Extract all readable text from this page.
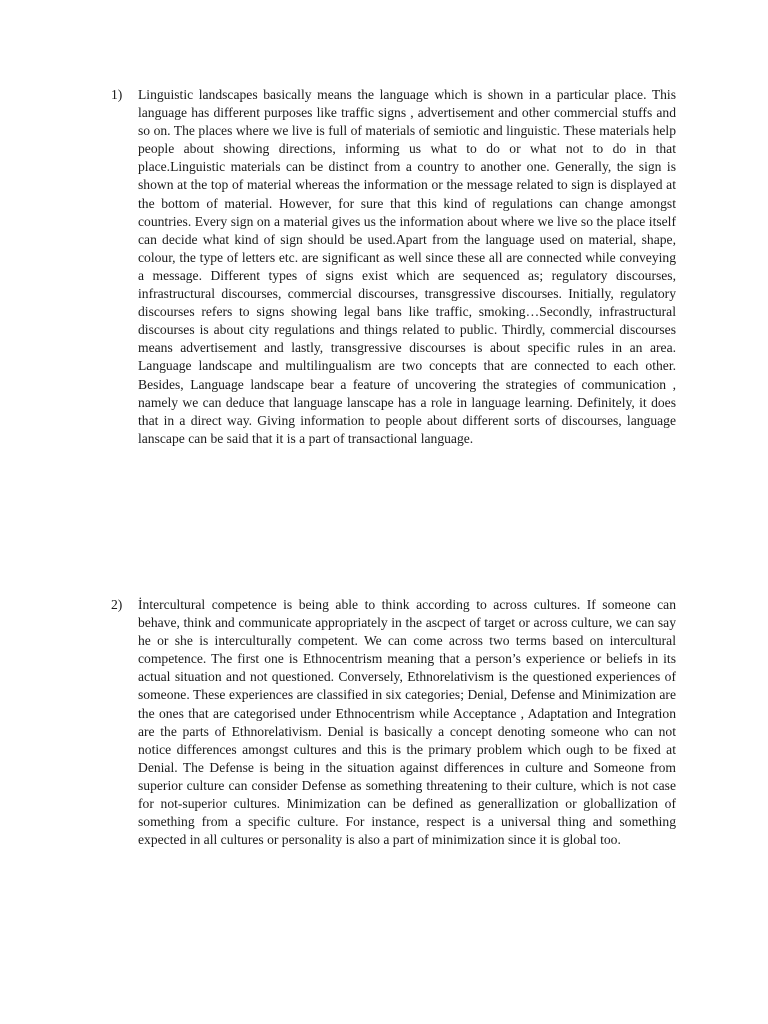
1)	Linguistic landscapes basically means the language which is shown in a particular place. This language has different purposes like traffic signs , advertisement and other commercial stuffs and so on. The places where we live is full of materials of semiotic and linguistic. These materials help people about showing directions, informing us what to do or what not to do in that place.Linguistic materials can be distinct from a country to another one. Generally, the sign is shown at the top of material whereas the information or the message related to sign is displayed at the bottom of material. However, for sure that this kind of regulations can change amongst countries. Every sign on a material gives us the information about where we live so the place itself can decide what kind of sign should be used.Apart from the language used on material, shape, colour, the type of letters etc. are significant as well since these all are connected while conveying a message. Different types of signs exist which are sequenced as; regulatory discourses, infrastructural discourses, commercial discourses, transgressive discourses. Initially, regulatory discourses refers to signs showing legal bans like traffic, smoking…Secondly, infrastructural discourses is about city regulations and things related to public. Thirdly, commercial discourses means advertisement and lastly, transgressive discourses is about specific rules in an area. Language landscape and multilingualism are two concepts that are connected to each other. Besides, Language landscape bear a feature of uncovering the strategies of communication , namely we can deduce that language lanscape has a role in language learning. Definitely, it does that in a direct way. Giving information to people about different sorts of discourses, language lanscape can be said that it is a part of transactional language.

2)	İntercultural competence is being able to think according to across cultures. If someone can behave, think and communicate appropriately in the ascpect of target or across culture, we can say he or she is interculturally competent. We can come across two terms based on intercultural competence. The first one is Ethnocentrism meaning that a person’s experience or beliefs in its actual situation and not questioned. Conversely, Ethnorelativism is the questioned experiences of someone. These experiences are classified in six categories; Denial, Defense and Minimization are the ones that are categorised under Ethnocentrism while Acceptance , Adaptation and Integration are the parts of Ethnorelativism. Denial is basically a concept denoting someone who can not notice differences amongst cultures and this is the primary problem which ough to be fixed at Denial. The Defense is being in the situation against differences in culture and Someone from superior culture can consider Defense as something threatening to their culture, which is not case for not-superior cultures. Minimization can be defined as generallization or globallization of something from a specific culture. For instance, respect is a universal thing and something expected in all cultures or personality is also a part of minimization since it is global too.
